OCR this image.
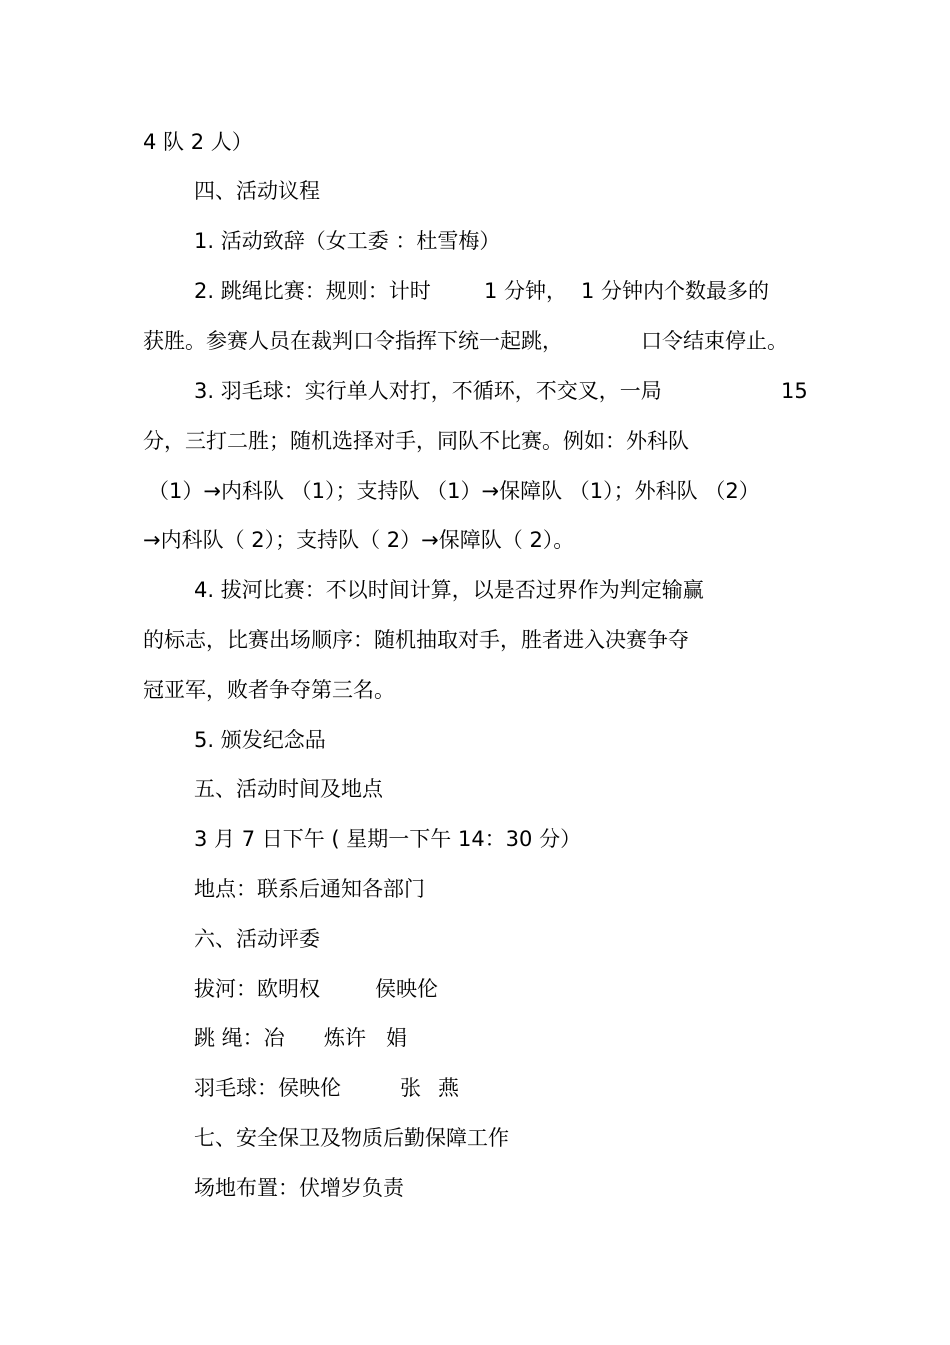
4 队 2 人）

四、活动议程

1. 活动致辞（女工委 ：杜雪梅）

2. 跳绳比赛：规则：计时	1 分钟， 1 分钟内个数最多的
获胜。参赛人员在裁判口令指挥下统一起跳，	口令结束停止。
3. 羽毛球：实行单人对打，不循环，不交叉，一局	15

分，三打二胜；随机选择对手，同队不比赛。例如：外科队

（1）→内科队 （1）；支持队 （1）→保障队 （1）；外科队 （2）

→内科队（ 2）；支持队（ 2）→保障队（ 2）。

4. 拔河比赛：不以时间计算，以是否过界作为判定输赢

的标志，比赛出场顺序：随机抽取对手，胜者进入决赛争夺

冠亚军，败者争夺第三名。

5. 颁发纪念品

五、活动时间及地点

3 月 7 日下午 ( 星期一下午 14：30 分）

地点：联系后通知各部门

六、活动评委

拔河：欧明权	侯映伦
跳 绳：冶 炼许 娟
羽毛球：侯映伦	张 燕

七、安全保卫及物质后勤保障工作

场地布置：伏增岁负责
